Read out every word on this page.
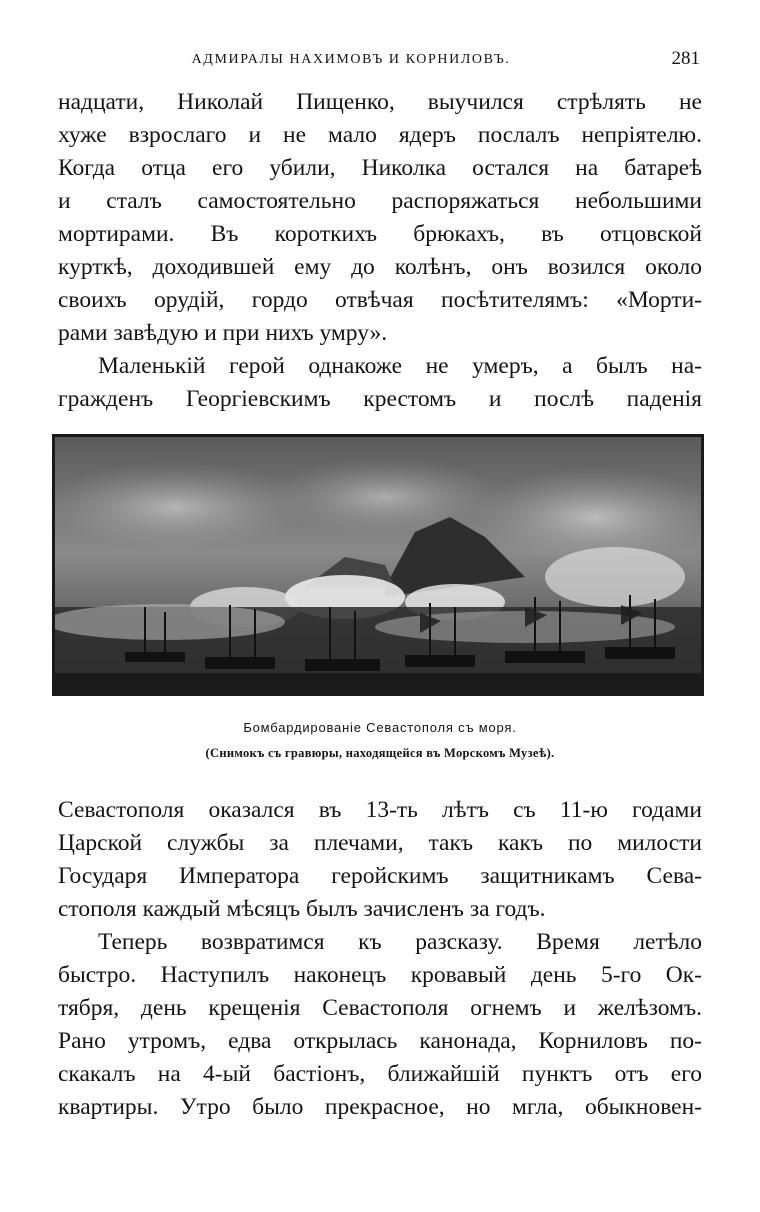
АДМИРАЛЫ НАХИМОВЪ И КОРНИЛОВЪ.	281
надцати, Николай Пищенко, выучился стрѣлять не
хуже взрослаго и не мало ядеръ послалъ непріятелю.
Когда отца его убили, Николка остался на батареѣ
и сталъ самостоятельно распоряжаться небольшими
мортирами. Въ короткихъ брюкахъ, въ отцовской
курткѣ, доходившей ему до колѣнъ, онъ возился около
своихъ орудій, гордо отвѣчая посѣтителямъ: «Морти-
рами завѣдую и при нихъ умру».
Маленькій герой однакоже не умеръ, а былъ на-
гражденъ Георгіевскимъ крестомъ и послѣ паденія
Бомбардированіе Севастополя съ моря.
(Снимокъ съ гравюры, находящейся въ Морскомъ Музеѣ).
Севастополя оказался въ 13-ть лѣтъ съ 11-ю годами
Царской службы за плечами, такъ какъ по милости
Государя Императора геройскимъ защитникамъ Сева-
стополя каждый мѣсяцъ былъ зачисленъ за годъ.
Теперь возвратимся къ разсказу. Время летѣло
быстро. Наступилъ наконецъ кровавый день 5-го Ок-
тября, день крещенія Севастополя огнемъ и желѣзомъ.
Рано утромъ, едва открылась канонада, Корниловъ по-
скакалъ на 4-ый бастіонъ, ближайшій пунктъ отъ его
квартиры. Утро было прекрасное, но мгла, обыкновен-
